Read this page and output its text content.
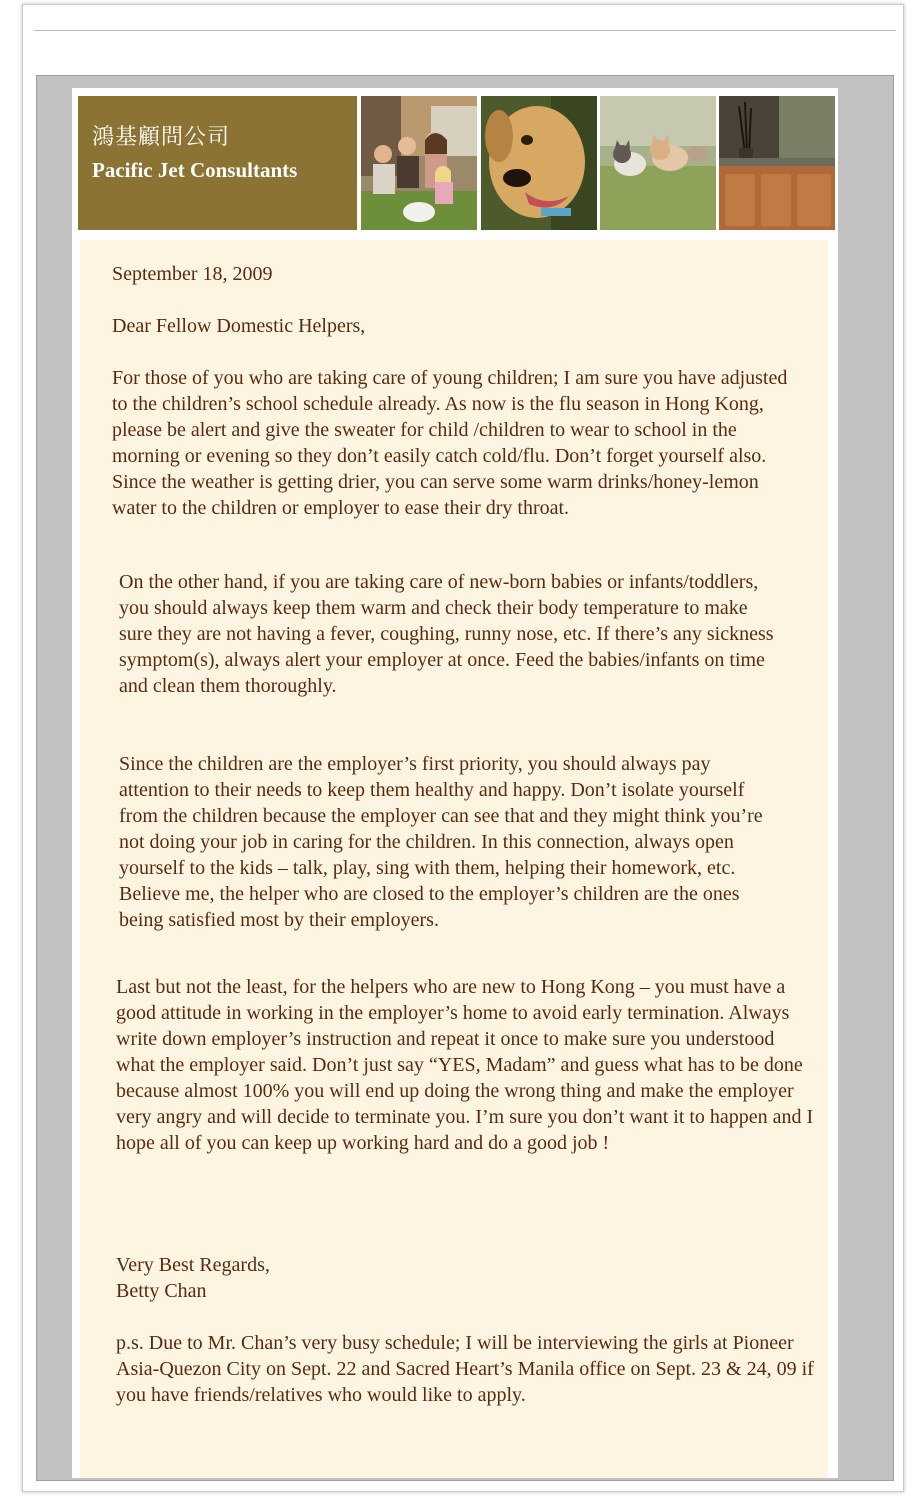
鴻基顧問公司
Pacific Jet Consultants

September 18, 2009

Dear Fellow Domestic Helpers,

For those of you who are taking care of young children; I am sure you have adjusted to the children’s school schedule already. As now is the flu season in Hong Kong, please be alert and give the sweater for child /children to wear to school in the morning or evening so they don’t easily catch cold/flu. Don’t forget yourself also. Since the weather is getting drier, you can serve some warm drinks/honey-lemon water to the children or employer to ease their dry throat.

On the other hand, if you are taking care of new-born babies or infants/toddlers, you should always keep them warm and check their body temperature to make sure they are not having a fever, coughing, runny nose, etc. If there’s any sickness symptom(s), always alert your employer at once. Feed the babies/infants on time and clean them thoroughly.

Since the children are the employer’s first priority, you should always pay attention to their needs to keep them healthy and happy. Don’t isolate yourself from the children because the employer can see that and they might think you’re not doing your job in caring for the children. In this connection, always open yourself to the kids – talk, play, sing with them, helping their homework, etc. Believe me, the helper who are closed to the employer’s children are the ones being satisfied most by their employers.

Last but not the least, for the helpers who are new to Hong Kong – you must have a good attitude in working in the employer’s home to avoid early termination. Always write down employer’s instruction and repeat it once to make sure you understood what the employer said. Don’t just say “YES, Madam” and guess what has to be done because almost 100% you will end up doing the wrong thing and make the employer very angry and will decide to terminate you. I’m sure you don’t want it to happen and I hope all of you can keep up working hard and do a good job !

Very Best Regards,

Betty Chan

p.s. Due to Mr. Chan’s very busy schedule; I will be interviewing the girls at Pioneer Asia-Quezon City on Sept. 22 and Sacred Heart’s Manila office on Sept. 23 & 24, 09 if you have friends/relatives who would like to apply.
